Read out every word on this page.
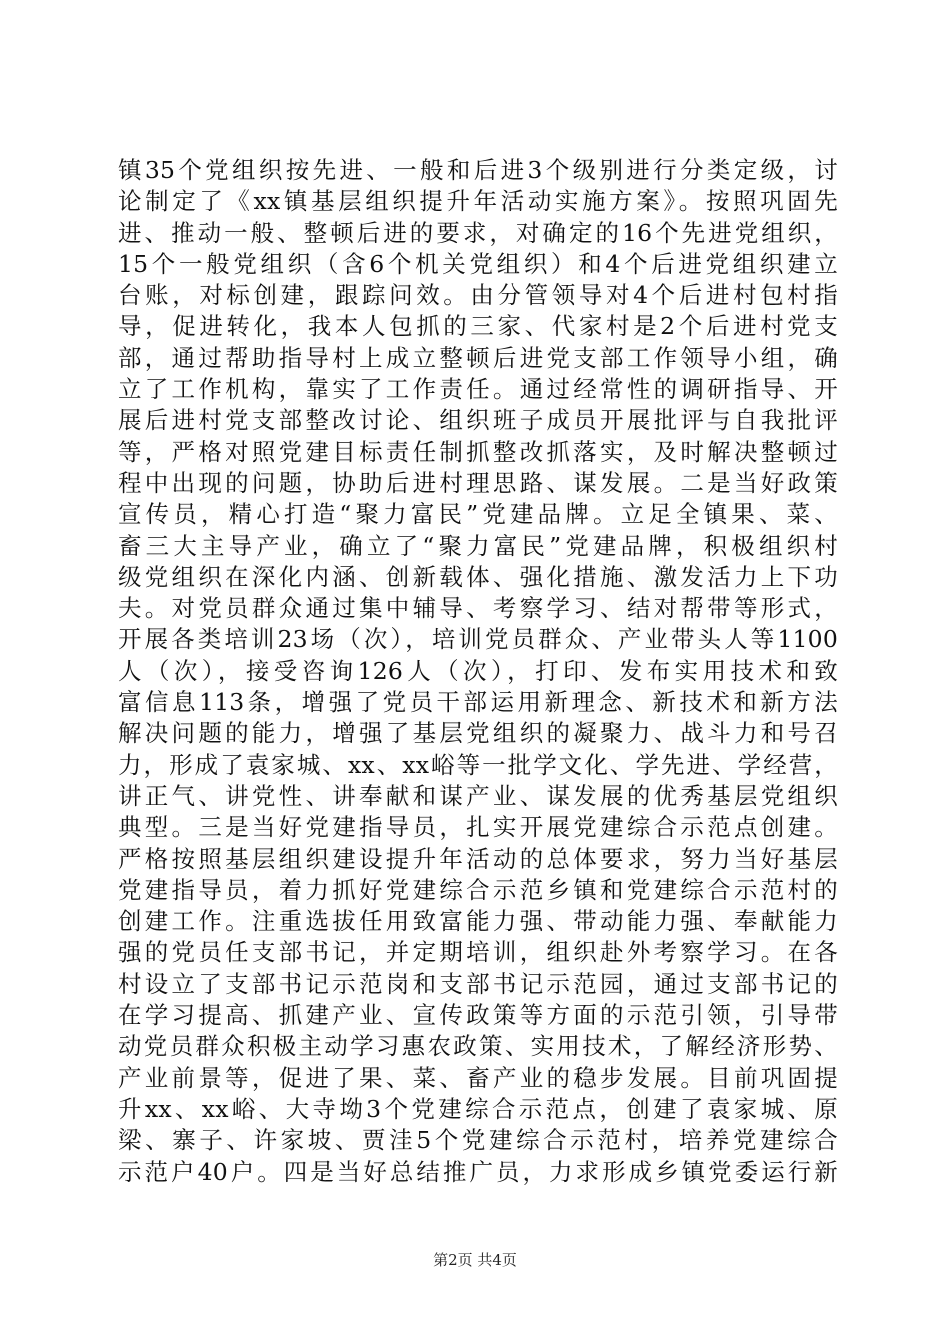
镇35个党组织按先进、一般和后进3个级别进行分类定级，讨
论制定了《xx镇基层组织提升年活动实施方案》。按照巩固先
进、推动一般、整顿后进的要求，对确定的16个先进党组织，
15个一般党组织（含6个机关党组织）和4个后进党组织建立
台账，对标创建，跟踪问效。由分管领导对4个后进村包村指
导，促进转化，我本人包抓的三家、代家村是2个后进村党支
部，通过帮助指导村上成立整顿后进党支部工作领导小组，确
立了工作机构，靠实了工作责任。通过经常性的调研指导、开
展后进村党支部整改讨论、组织班子成员开展批评与自我批评
等，严格对照党建目标责任制抓整改抓落实，及时解决整顿过
程中出现的问题，协助后进村理思路、谋发展。二是当好政策
宣传员，精心打造“聚力富民”党建品牌。立足全镇果、菜、
畜三大主导产业，确立了“聚力富民”党建品牌，积极组织村
级党组织在深化内涵、创新载体、强化措施、激发活力上下功
夫。对党员群众通过集中辅导、考察学习、结对帮带等形式，
开展各类培训23场（次），培训党员群众、产业带头人等1100
人（次），接受咨询126人（次），打印、发布实用技术和致
富信息113条，增强了党员干部运用新理念、新技术和新方法
解决问题的能力，增强了基层党组织的凝聚力、战斗力和号召
力，形成了袁家城、xx、xx峪等一批学文化、学先进、学经营，
讲正气、讲党性、讲奉献和谋产业、谋发展的优秀基层党组织
典型。三是当好党建指导员，扎实开展党建综合示范点创建。
严格按照基层组织建设提升年活动的总体要求，努力当好基层
党建指导员，着力抓好党建综合示范乡镇和党建综合示范村的
创建工作。注重选拔任用致富能力强、带动能力强、奉献能力
强的党员任支部书记，并定期培训，组织赴外考察学习。在各
村设立了支部书记示范岗和支部书记示范园，通过支部书记的
在学习提高、抓建产业、宣传政策等方面的示范引领，引导带
动党员群众积极主动学习惠农政策、实用技术，了解经济形势、
产业前景等，促进了果、菜、畜产业的稳步发展。目前巩固提
升xx、xx峪、大寺坳3个党建综合示范点，创建了袁家城、原
梁、寨子、许家坡、贾洼5个党建综合示范村，培养党建综合
示范户40户。四是当好总结推广员，力求形成乡镇党委运行新
第2页 共4页
